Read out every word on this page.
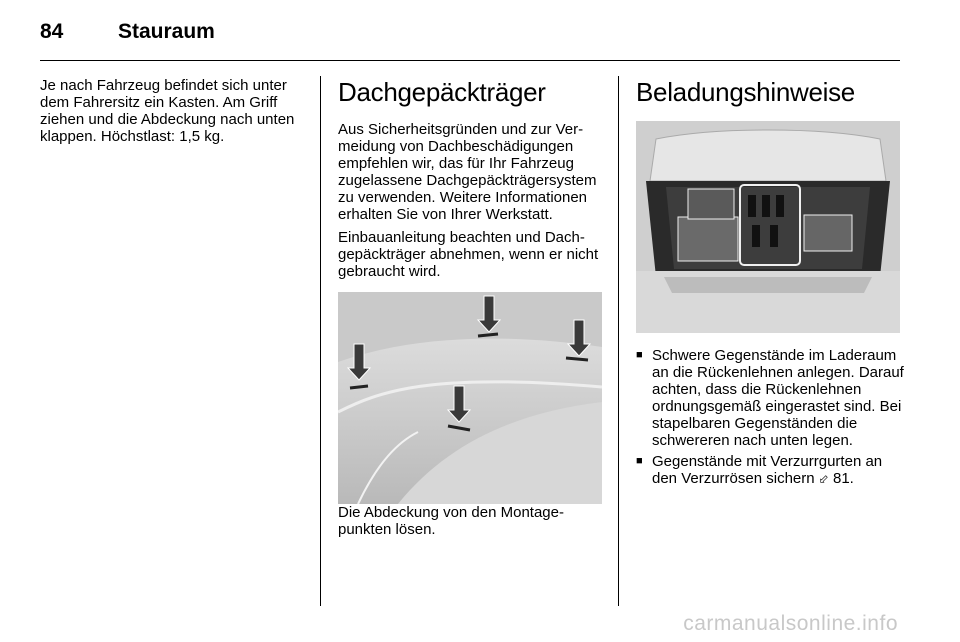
84	Stauraum

Je nach Fahrzeug befindet sich unter dem Fahrersitz ein Kasten. Am Griff ziehen und die Abdeckung nach unten klappen. Höchstlast: 1,5 kg.

Dachgepäckträger

Aus Sicherheitsgründen und zur Vermeidung von Dachbeschädigungen empfehlen wir, das für Ihr Fahrzeug zugelassene Dachgepäckträgersystem zu verwenden. Weitere Informationen erhalten Sie von Ihrer Werkstatt.

Einbauanleitung beachten und Dachgepäckträger abnehmen, wenn er nicht gebraucht wird.

Die Abdeckung von den Montagepunkten lösen.

Beladungshinweise
■ Schwere Gegenstände im Laderaum an die Rückenlehnen anlegen. Darauf achten, dass die Rückenlehnen ordnungsgemäß eingerastet sind. Bei stapelbaren Gegenständen die schwereren nach unten legen.
■ Gegenstände mit Verzurrgurten an den Verzurrösen sichern ⬃ 81.
carmanualsonline.info
